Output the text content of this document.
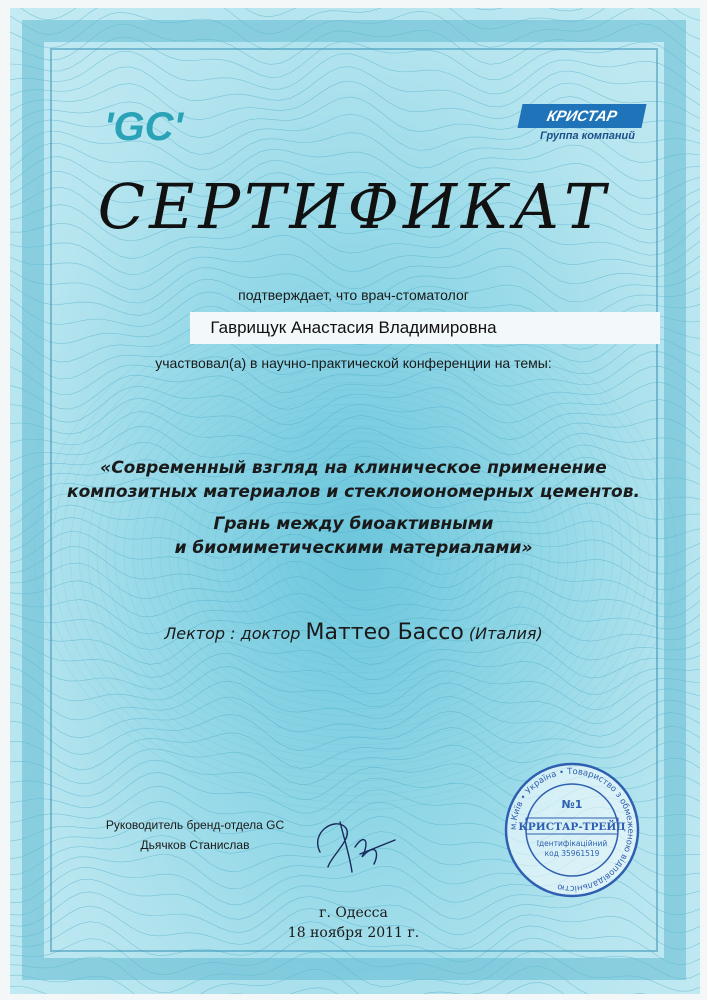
'GC'	КРИСТАР
Группа компаний
СЕРТИФИКАТ
подтверждает, что врач-стоматолог
Гаврищук Анастасия Владимировна
участвовал(а) в научно-практической конференции на темы:
«Современный взгляд на клиническое применение
композитных материалов и стеклоиономерных цементов.
Грань между биоактивными
и биомиметическими материалами»
Лектор : доктор Маттео Бассо (Италия)
Руководитель бренд-отдела GC
Дьячков Станислав
м.Київ • Україна • Товариство з обмеженою відповідальністю
№1
КРИСТАР-ТРЕЙД
Ідентифікаційний
код 35961519
г. Одесса
18 ноября 2011 г.
